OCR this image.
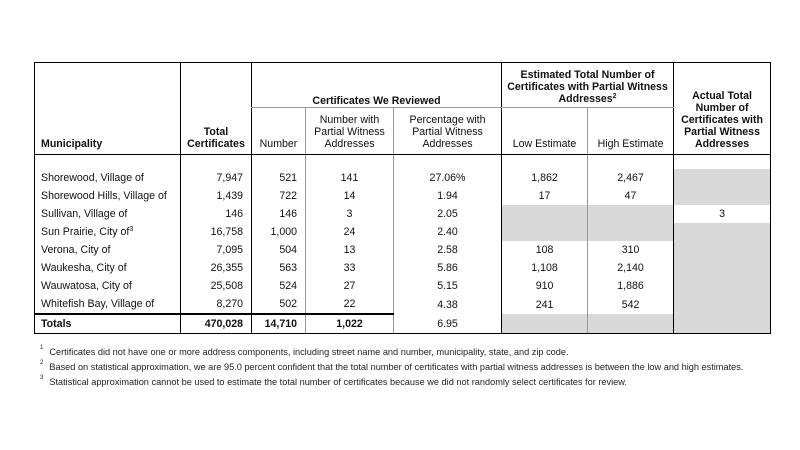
Municipality	Total Certificates	Certificates We Reviewed			Estimated Total Number of Certificates with Partial Witness Addresses$^2$		Actual Total Number of Certificates with Partial Witness Addresses
		Number	Number with Partial Witness Addresses	Percentage with Partial Witness Addresses	Low Estimate	High Estimate	

Shorewood, Village of	7,947	521	141	27.06%	1,862	2,467	
Shorewood Hills, Village of	1,439	722	14	1.94	17	47	
Sullivan, Village of	146	146	3	2.05			3
Sun Prairie, City $of^3$	16,758	1,000	24	2.40			
Verona, City of	7,095	504	13	2.58	108	310	
Waukesha, City of	26,355	563	33	5.86	1,108	2,140	
Wauwatosa, City of	25,508	524	27	5.15	910	1,886	
Whitefish Bay, Village of	8,270	502	22	4.38	241	542	
Totals	470,028	14,710	1,022	6.95			
$^1$ Certificates did not have one or more address components, including street name and number, municipality, state, and zip code.
$^2$ Based on statistical approximation, we are 95.0 percent confident that the total number of certificates with partial witness addresses is between the low and high estimates.
$^3$ Statistical approximation cannot be used to estimate the total number of certificates because we did not randomly select certificates for review.
